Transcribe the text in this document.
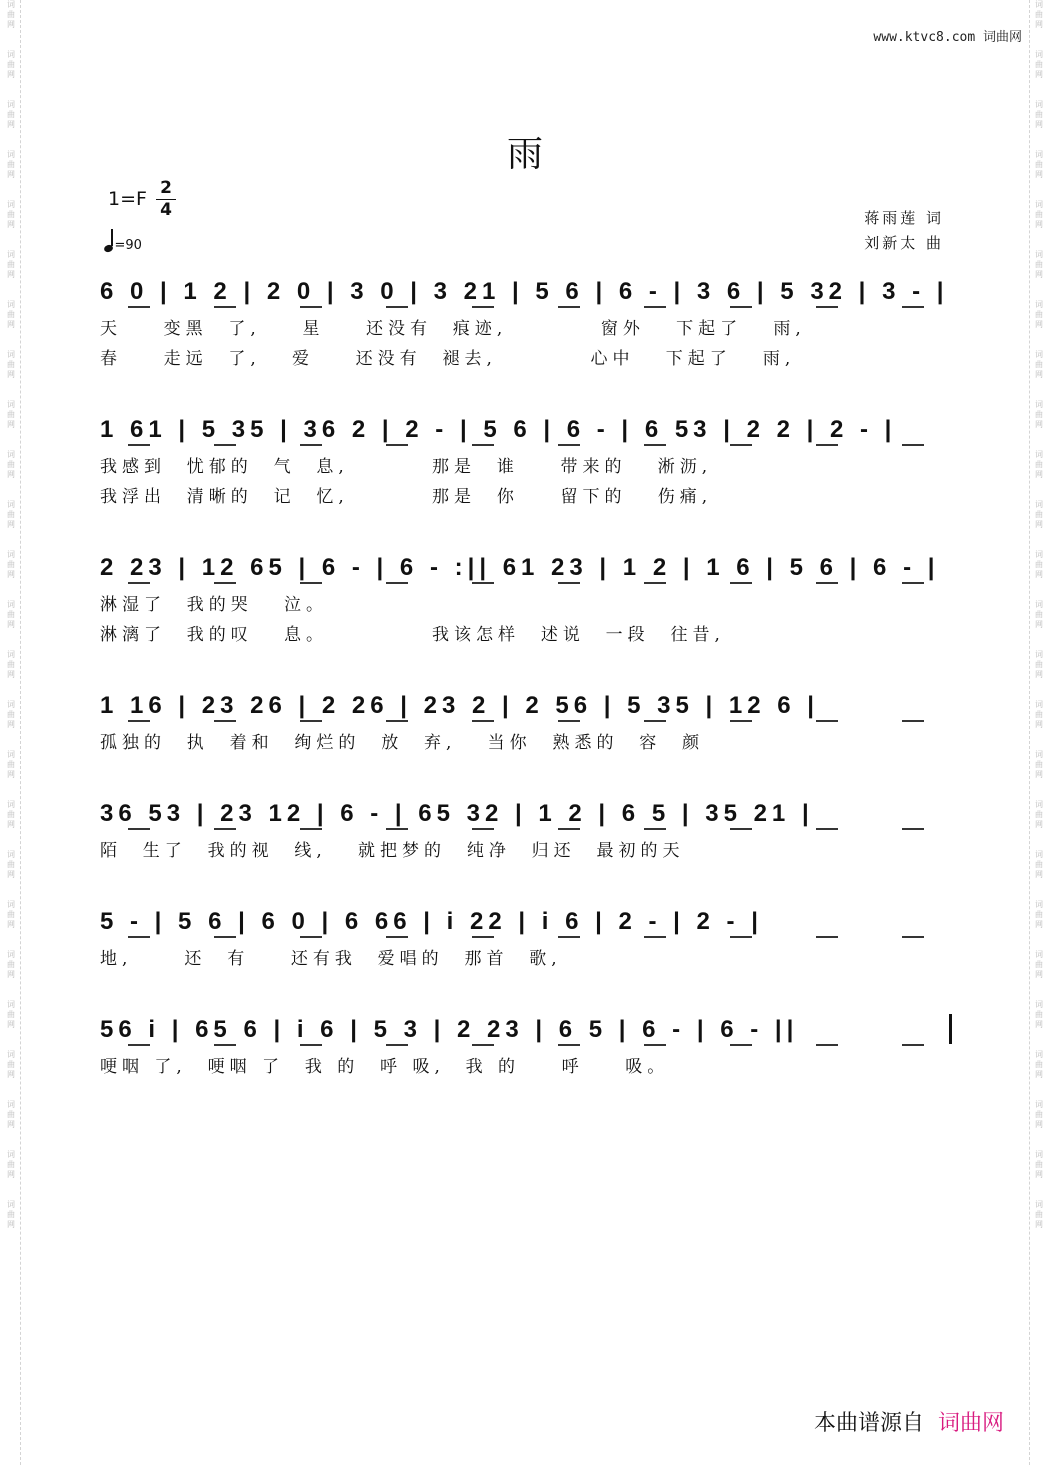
词
曲
网

词
曲
网

词
曲
网

词
曲
网

词
曲
网

词
曲
网

词
曲
网

词
曲
网

词
曲
网

词
曲
网

词
曲
网

词
曲
网

词
曲
网

词
曲
网

词
曲
网

词
曲
网

词
曲
网

词
曲
网

词
曲
网

词
曲
网

词
曲
网

词
曲
网

词
曲
网

词
曲
网

词
曲
网

词
曲
网

词
曲
网

词
曲
网

词
曲
网

词
曲
网

词
曲
网

词
曲
网

词
曲
网

词
曲
网

词
曲
网

词
曲
网

词
曲
网

词
曲
网

词
曲
网

词
曲
网

词
曲
网

词
曲
网

词
曲
网

词
曲
网

词
曲
网

词
曲
网

词
曲
网

词
曲
网

词
曲
网

词
曲
网

www.ktvc8.com 词曲网
雨
1=F 2
4
=90
蒋雨莲 词
刘新太 曲
6 0 | 1 2 | 2 0 | 3 0 | 3 21 | 5 6 | 6 - | 3 6 | 5 32 | 3 - |
天    变黑  了,    星    还没有  痕迹,         窗外   下起了   雨,
春    走远  了,   爱    还没有  褪去,         心中   下起了   雨,
1 61 | 5 35 | 36 2 | 2 - | 5 6 | 6 - | 6 53 | 2 2 | 2 - |
我感到  忧郁的  气  息,        那是  谁    带来的   淅沥,
我浮出  清晰的  记  忆,        那是  你    留下的   伤痛,
2 23 | 12 65 | 6 - | 6 - :|| 61 23 | 1 2 | 1 6 | 5 6 | 6 - |
淋湿了  我的哭   泣。
淋漓了  我的叹   息。          我该怎样  述说  一段  往昔,
1 16 | 23 26 | 2 26 | 23 2 | 2 56 | 5 35 | 12 6 |
孤独的  执  着和  绚烂的  放  弃,   当你  熟悉的  容  颜
36 53 | 23 12 | 6 - | 65 32 | 1 2 | 6 5 | 35 21 |
陌  生了  我的视  线,   就把梦的  纯净  归还  最初的天
5 - | 5 6 | 6 0 | 6 66 | i 22 | i 6 | 2 - | 2 - |
地,     还  有    还有我  爱唱的  那首  歌,
56 i | 65 6 | i 6 | 5 3 | 2 23 | 6 5 | 6 - | 6 - ||
哽咽 了,  哽咽 了  我 的  呼 吸,  我 的    呼    吸。
本曲谱源自 词曲网
